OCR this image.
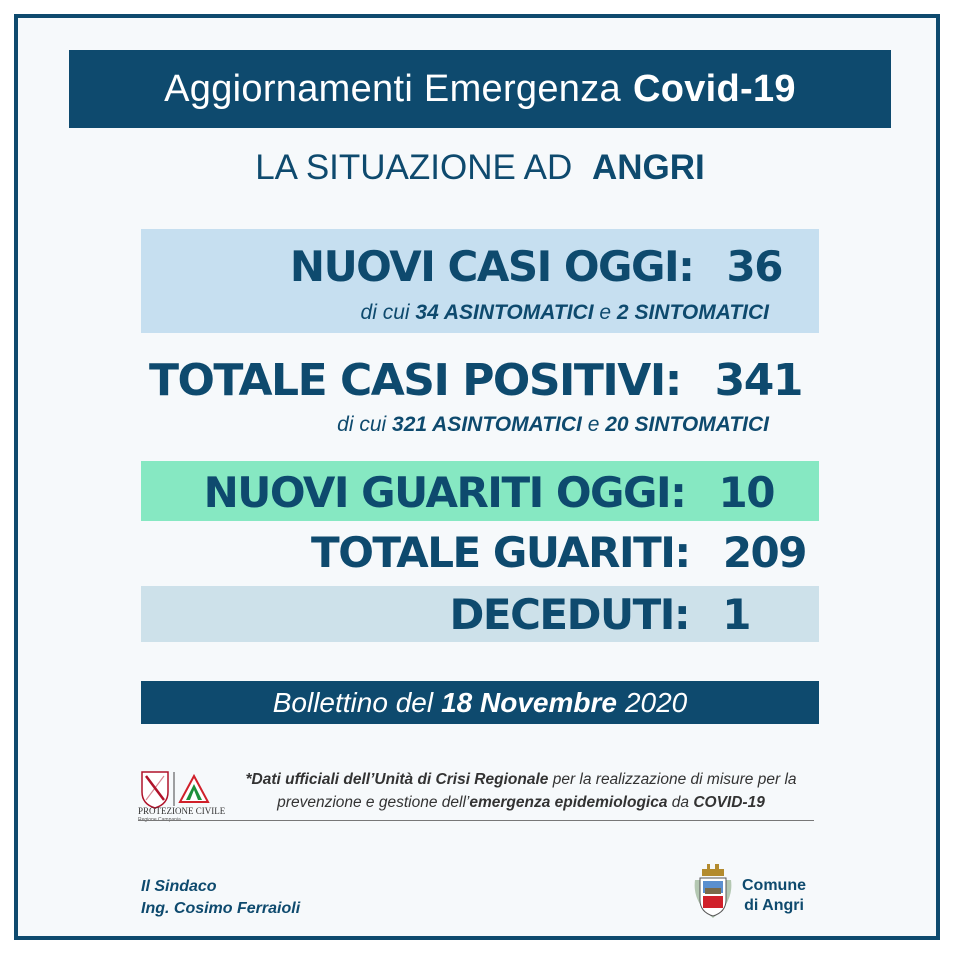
Aggiornamenti Emergenza Covid-19
LA SITUAZIONE AD ANGRI
NUOVI CASI OGGI: 36
di cui 34 ASINTOMATICI e 2 SINTOMATICI
TOTALE CASI POSITIVI: 341
di cui 321 ASINTOMATICI e 20 SINTOMATICI
NUOVI GUARITI OGGI: 10
TOTALE GUARITI: 209
DECEDUTI: 1
Bollettino del 18 Novembre 2020
PROTEZIONE CIVILE
*Dati ufficiali dell’Unità di Crisi Regionale per la realizzazione di misure per la prevenzione e gestione dell’emergenza epidemiologica da COVID-19
Il Sindaco
Ing. Cosimo Ferraioli
Comune
di Angri
